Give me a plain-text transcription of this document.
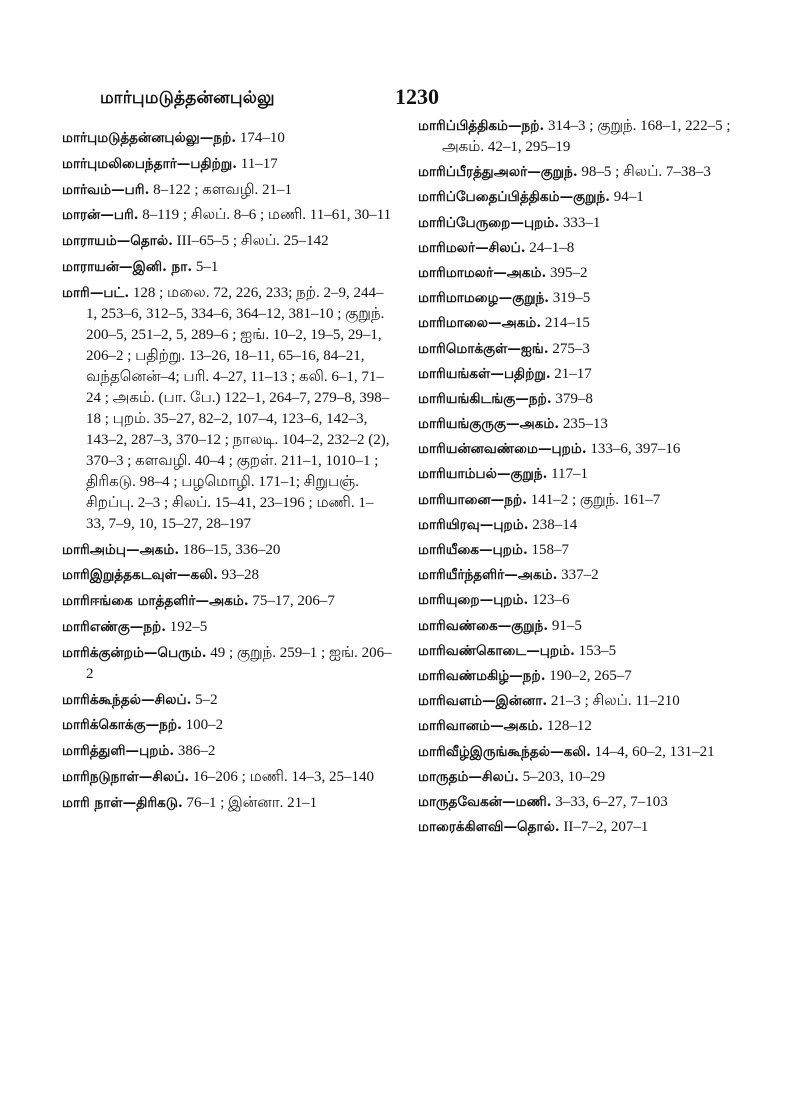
மார்புமடுத்தன்னபுல்லு	1230
மார்புமடுத்தன்னபுல்லு—நற். 174–10
மார்புமலிபைந்தார்—பதிற்று. 11–17
மார்வம்—பரி. 8–122 ; களவழி. 21–1
மாரன்—பரி. 8–119 ; சிலப். 8–6 ; மணி. 11–61, 30–11
மாராயம்—தொல். III–65–5 ; சிலப். 25–142
மாராயன்—இனி. நா. 5–1
மாரி—பட். 128 ; மலை. 72, 226, 233; நற். 2–9, 244–1, 253–6, 312–5, 334–6, 364–12, 381–10 ; குறுந். 200–5, 251–2, 5, 289–6 ; ஐங். 10–2, 19–5, 29–1, 206–2 ; பதிற்று. 13–26, 18–11, 65–16, 84–21, வந்தனென்–4; பரி. 4–27, 11–13 ; கலி. 6–1, 71–24 ; அகம். (பா. பே.) 122–1, 264–7, 279–8, 398–18 ; புறம். 35–27, 82–2, 107–4, 123–6, 142–3, 143–2, 287–3, 370–12 ; நாலடி. 104–2, 232–2 (2), 370–3 ; களவழி. 40–4 ; குறள். 211–1, 1010–1 ; திரிகடு. 98–4 ; பழமொழி. 171–1; சிறுபஞ். சிறப்பு. 2–3 ; சிலப். 15–41, 23–196 ; மணி. 1–33, 7–9, 10, 15–27, 28–197
மாரிஅம்பு—அகம். 186–15, 336–20
மாரிஇறுத்தகடவுள்—கலி. 93–28
மாரிஈங்கை மாத்தளிர்—அகம். 75–17, 206–7
மாரிஎண்கு—நற். 192–5
மாரிக்குன்றம்—பெரும். 49 ; குறுந். 259–1 ; ஐங். 206–2
மாரிக்கூந்தல்—சிலப். 5–2
மாரிக்கொக்கு—நற். 100–2
மாரித்துளி—புறம். 386–2
மாரிநடுநாள்—சிலப். 16–206 ; மணி. 14–3, 25–140
மாரி நாள்—திரிகடு. 76–1 ; இன்னா. 21–1
மாரிப்பித்திகம்—நற். 314–3 ; குறுந். 168–1, 222–5 ; அகம். 42–1, 295–19
மாரிப்பீரத்துஅலர்—குறுந். 98–5 ; சிலப். 7–38–3
மாரிப்பேதைப்பித்திகம்—குறுந். 94–1
மாரிப்பேருறை—புறம். 333–1
மாரிமலர்—சிலப். 24–1–8
மாரிமாமலர்—அகம். 395–2
மாரிமாமழை—குறுந். 319–5
மாரிமாலை—அகம். 214–15
மாரிமொக்குள்—ஐங். 275–3
மாரியங்கள்—பதிற்று. 21–17
மாரியங்கிடங்கு—நற். 379–8
மாரியங்குருகு—அகம். 235–13
மாரியன்னவண்மை—புறம். 133–6, 397–16
மாரியாம்பல்—குறுந். 117–1
மாரியானை—நற். 141–2 ; குறுந். 161–7
மாரியிரவு—புறம். 238–14
மாரியீகை—புறம். 158–7
மாரியீர்ந்தளிர்—அகம். 337–2
மாரியுறை—புறம். 123–6
மாரிவண்கை—குறுந். 91–5
மாரிவண்கொடை—புறம். 153–5
மாரிவண்மகிழ்—நற். 190–2, 265–7
மாரிவளம்—இன்னா. 21–3 ; சிலப். 11–210
மாரிவானம்—அகம். 128–12
மாரிவீழ்இருங்கூந்தல்—கலி. 14–4, 60–2, 131–21
மாருதம்—சிலப். 5–203, 10–29
மாருதவேகன்—மணி. 3–33, 6–27, 7–103
மாரைக்கிளவி—தொல். II–7–2, 207–1
